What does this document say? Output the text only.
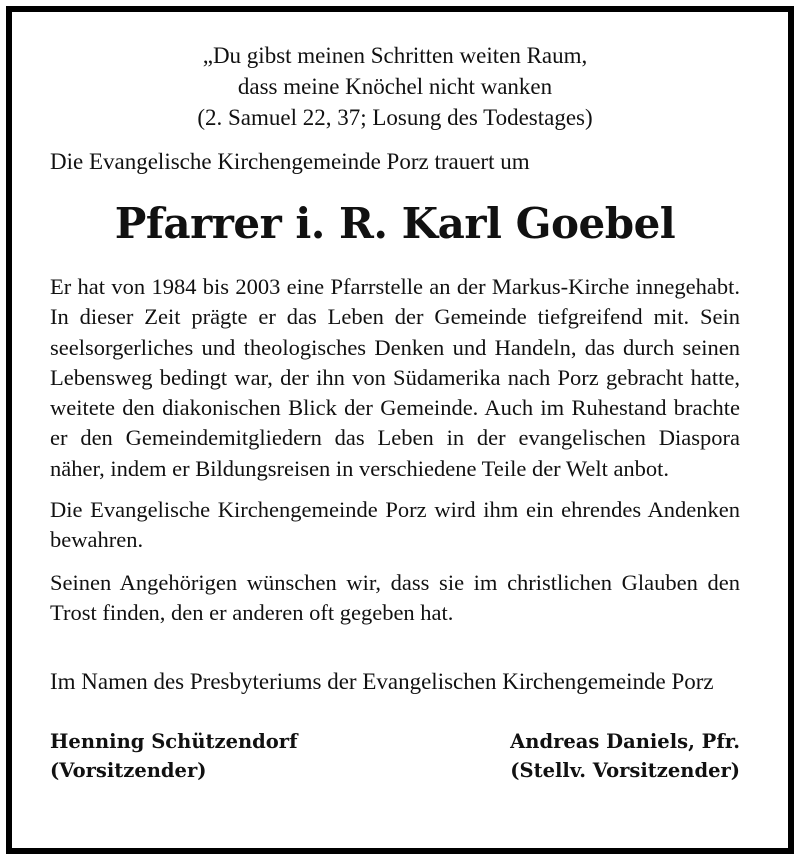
„Du gibst meinen Schritten weiten Raum,
dass meine Knöchel nicht wanken
(2. Samuel 22, 37; Losung des Todestages)
Die Evangelische Kirchengemeinde Porz trauert um
Pfarrer i. R. Karl Goebel

Er hat von 1984 bis 2003 eine Pfarrstelle an der Markus-Kirche innegehabt. In dieser Zeit prägte er das Leben der Gemeinde tiefgreifend mit. Sein seelsorgerliches und theologisches Denken und Handeln, das durch seinen Lebensweg bedingt war, der ihn von Südamerika nach Porz gebracht hatte, weitete den diakonischen Blick der Gemeinde. Auch im Ruhestand brachte er den Gemeindemitgliedern das Leben in der evangelischen Diaspora näher, indem er Bildungsreisen in verschiedene Teile der Welt anbot.

Die Evangelische Kirchengemeinde Porz wird ihm ein ehrendes Andenken bewahren.

Seinen Angehörigen wünschen wir, dass sie im christlichen Glauben den Trost finden, den er anderen oft gegeben hat.

Im Namen des Presbyteriums der Evangelischen Kirchengemeinde Porz
Henning Schützendorf
(Vorsitzender)
Andreas Daniels, Pfr.
(Stellv. Vorsitzender)
